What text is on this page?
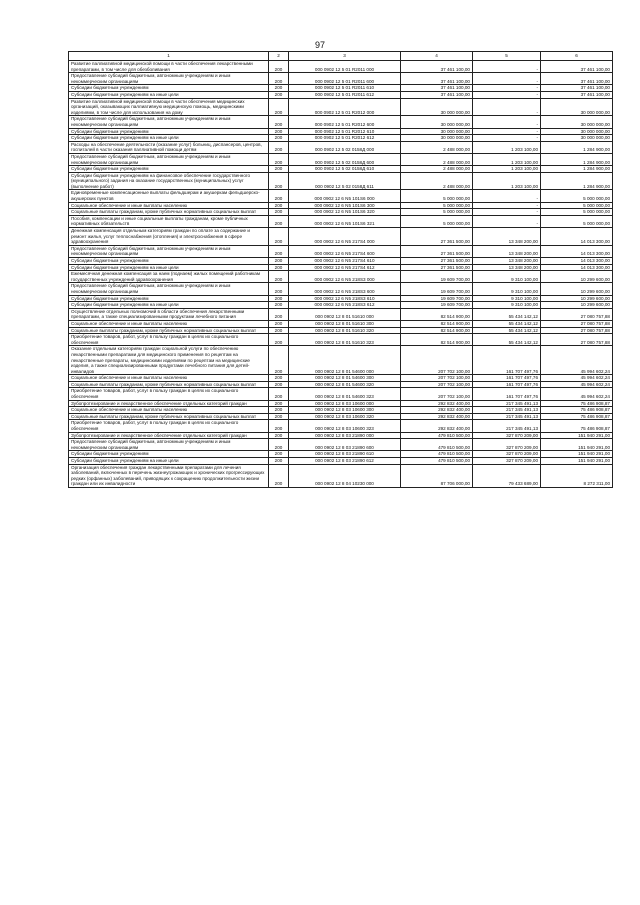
97
1	2	3	4	5	6
Развитие паллиативной медицинской помощи в части обеспечения лекарственными препаратами, в том числе для обезболивания	200	000 0902 12 5 01 R2011 000	37 461 100,00	-	37 461 100,00
Предоставление субсидий бюджетным, автономным учреждениям и иным некоммерческим организациям	200	000 0902 12 5 01 R2011 600	37 461 100,00	-	37 461 100,00
Субсидии бюджетным учреждениям	200	000 0902 12 5 01 R2011 610	37 461 100,00	-	37 461 100,00
Субсидии бюджетным учреждениям на иные цели	200	000 0902 12 5 01 R2011 612	37 461 100,00	-	37 461 100,00
Развитие паллиативной медицинской помощи в части обеспечения медицинских организаций, оказывающих паллиативную медицинскую помощь, медицинскими изделиями, в том числе для использования на дому	200	000 0902 12 5 01 R2012 000	30 000 000,00	-	30 000 000,00
Предоставление субсидий бюджетным, автономным учреждениям и иным некоммерческим организациям	200	000 0902 12 5 01 R2012 600	30 000 000,00	-	30 000 000,00
Субсидии бюджетным учреждениям	200	000 0902 12 5 01 R2012 610	30 000 000,00	-	30 000 000,00
Субсидии бюджетным учреждениям на иные цели	200	000 0902 12 5 01 R2012 612	30 000 000,00	-	30 000 000,00
Расходы на обеспечение деятельности (оказание услуг) больниц, диспансеров, центров, госпиталей в части оказания паллиативной помощи детям	200	000 0902 12 5 02 0158Д 000	2 488 000,00	1 203 100,00	1 284 900,00
Предоставление субсидий бюджетным, автономным учреждениям и иным некоммерческим организациям	200	000 0902 12 5 02 0158Д 600	2 488 000,00	1 203 100,00	1 284 900,00
Субсидии бюджетным учреждениям	200	000 0902 12 5 02 0158Д 610	2 488 000,00	1 203 100,00	1 284 900,00
Субсидии бюджетным учреждениям на финансовое обеспечение государственного (муниципального) задания на оказание государственных (муниципальных) услуг (выполнение работ)	200	000 0902 12 5 02 0158Д 611	2 488 000,00	1 203 100,00	1 284 900,00
Единовременные компенсационные выплаты фельдшерам и акушеркам фельдшерско-акушерских пунктов	200	000 0902 12 6 N5 101S6 000	5 000 000,00	-	5 000 000,00
Социальное обеспечение и иные выплаты населению	200	000 0902 12 6 N5 101S6 300	5 000 000,00	-	5 000 000,00
Социальные выплаты гражданам, кроме публичных нормативных социальных выплат	200	000 0902 12 6 N5 101S6 320	5 000 000,00	-	5 000 000,00
Пособия, компенсации и иные социальные выплаты гражданам, кроме публичных нормативных обязательств	200	000 0902 12 6 N5 101S6 321	5 000 000,00	-	5 000 000,00
Денежная компенсация отдельным категориям граждан по оплате за содержание и ремонт жилья, услуг теплоснабжения (отопления) и электроснабжения в сфере здравоохранения	200	000 0902 12 6 N5 217S4 000	27 361 500,00	13 348 200,00	14 013 300,00
Предоставление субсидий бюджетным, автономным учреждениям и иным некоммерческим организациям	200	000 0902 12 6 N5 217S4 600	27 361 500,00	13 348 200,00	14 013 300,00
Субсидии бюджетным учреждениям	200	000 0902 12 6 N5 217S4 610	27 361 500,00	13 348 200,00	14 013 300,00
Субсидии бюджетным учреждениям на иные цели	200	000 0902 12 6 N5 217S4 612	27 361 500,00	13 348 200,00	14 013 300,00
Ежемесячная денежная компенсация за наем (поднаем) жилых помещений работникам государственных учреждений здравоохранения	200	000 0902 12 6 N5 218S3 000	19 609 700,00	9 310 100,00	10 299 600,00
Предоставление субсидий бюджетным, автономным учреждениям и иным некоммерческим организациям	200	000 0902 12 6 N5 218S3 600	19 609 700,00	9 310 100,00	10 299 600,00
Субсидии бюджетным учреждениям	200	000 0902 12 6 N5 218S3 610	19 609 700,00	9 310 100,00	10 299 600,00
Субсидии бюджетным учреждениям на иные цели	200	000 0902 12 6 N5 218S3 612	19 609 700,00	9 310 100,00	10 299 600,00
Осуществление отдельных полномочий в области обеспечения лекарственными препаратами, а также специализированными продуктами лечебного питания	200	000 0902 12 8 01 51610 000	82 514 900,00	55 434 142,12	27 080 757,88
Социальное обеспечение и иные выплаты населению	200	000 0902 12 8 01 51610 300	82 514 900,00	55 434 142,12	27 080 757,88
Социальные выплаты гражданам, кроме публичных нормативных социальных выплат	200	000 0902 12 8 01 51610 320	82 514 900,00	55 434 142,12	27 080 757,88
Приобретение товаров, работ, услуг в пользу граждан в целях их социального обеспечения	200	000 0902 12 8 01 51610 323	82 514 900,00	55 434 142,12	27 080 757,88
Оказание отдельным категориям граждан социальной услуги по обеспечению лекарственными препаратами для медицинского применения по рецептам на лекарственные препараты, медицинскими изделиями по рецептам на медицинские изделия, а также специализированными продуктами лечебного питания для детей-инвалидов	200	000 0902 12 8 01 54600 000	207 702 100,00	161 707 497,76	45 994 602,24
Социальное обеспечение и иные выплаты населению	200	000 0902 12 8 01 54600 300	207 702 100,00	161 707 497,76	45 994 602,24
Социальные выплаты гражданам, кроме публичных нормативных социальных выплат	200	000 0902 12 8 01 54600 320	207 702 100,00	161 707 497,76	45 994 602,24
Приобретение товаров, работ, услуг в пользу граждан в целях их социального обеспечения	200	000 0902 12 8 01 54600 323	207 702 100,00	161 707 497,76	45 994 602,24
Зубопротезирование и лекарственное обеспечение отдельных категорий граждан	200	000 0902 12 8 03 10600 000	292 832 400,00	217 345 491,13	75 486 908,87
Социальное обеспечение и иные выплаты населению	200	000 0902 12 8 03 10600 300	292 832 400,00	217 345 491,13	75 486 908,87
Социальные выплаты гражданам, кроме публичных нормативных социальных выплат	200	000 0902 12 8 03 10600 320	292 832 400,00	217 345 491,13	75 486 908,87
Приобретение товаров, работ, услуг в пользу граждан в целях их социального обеспечения	200	000 0902 12 8 03 10600 323	292 832 400,00	217 345 491,13	75 486 908,87
Зубопротезирование и лекарственное обеспечение отдельных категорий граждан	200	000 0902 12 8 03 21890 000	479 810 500,00	327 870 209,00	151 940 291,00
Предоставление субсидий бюджетным, автономным учреждениям и иным некоммерческим организациям	200	000 0902 12 8 03 21890 600	479 810 500,00	327 870 209,00	151 940 291,00
Субсидии бюджетным учреждениям	200	000 0902 12 8 03 21890 610	479 810 500,00	327 870 209,00	151 940 291,00
Субсидии бюджетным учреждениям на иные цели	200	000 0902 12 8 03 21890 612	479 810 500,00	327 870 209,00	151 940 291,00
Организация обеспечения граждан лекарственными препаратами для лечения заболеваний, включенных в перечень жизнеугрожающих и хронических прогрессирующих редких (орфанных) заболеваний, приводящих к сокращению продолжительности жизни граждан или их инвалидности	200	000 0902 12 8 04 10230 000	87 706 000,00	79 433 689,00	8 272 311,00
